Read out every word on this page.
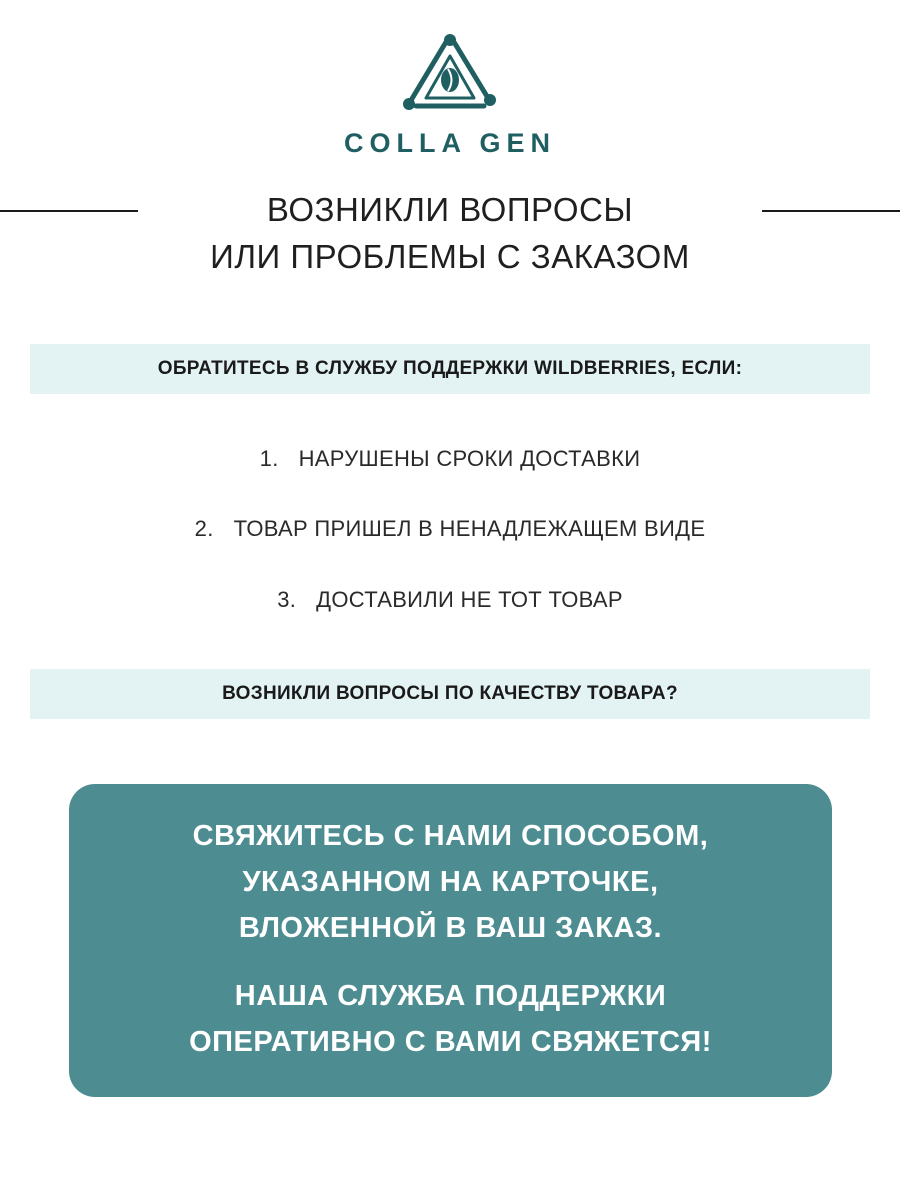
COLLA GEN
ВОЗНИКЛИ ВОПРОСЫ
ИЛИ ПРОБЛЕМЫ С ЗАКАЗОМ
ОБРАТИТЕСЬ В СЛУЖБУ ПОДДЕРЖКИ WILDBERRIES, ЕСЛИ:
1. НАРУШЕНЫ СРОКИ ДОСТАВКИ
2. ТОВАР ПРИШЕЛ В НЕНАДЛЕЖАЩЕМ ВИДЕ
3. ДОСТАВИЛИ НЕ ТОТ ТОВАР
ВОЗНИКЛИ ВОПРОСЫ ПО КАЧЕСТВУ ТОВАРА?
СВЯЖИТЕСЬ С НАМИ СПОСОБОМ,
УКАЗАННОМ НА КАРТОЧКЕ,
ВЛОЖЕННОЙ В ВАШ ЗАКАЗ.
НАША СЛУЖБА ПОДДЕРЖКИ
ОПЕРАТИВНО С ВАМИ СВЯЖЕТСЯ!
